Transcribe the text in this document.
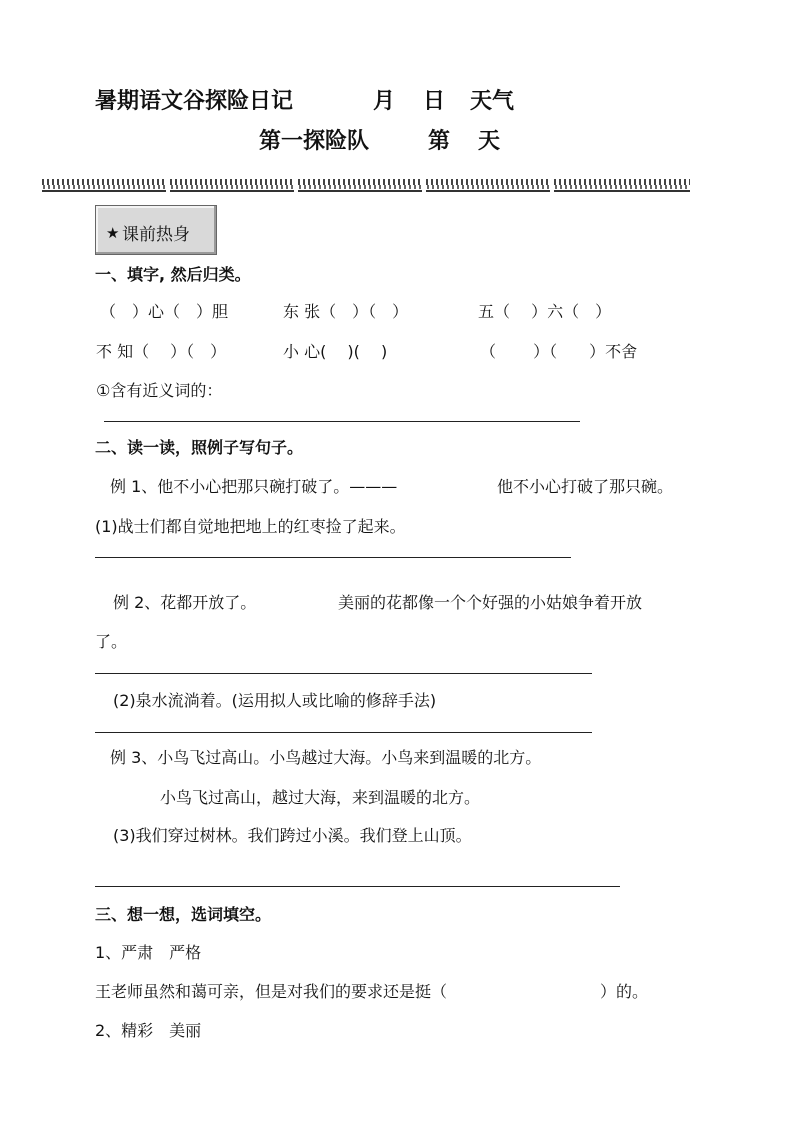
暑期语文谷探险日记	月 日 天气
第一探险队	第 天
★ 课前热身
一、填字, 然后归类。
（　）心（　）胆	东 张（　）（　）	五（　 ）六（　）
不 知（　 ）（　）	小 心(　 )(　 )	（　　 ）（　　）不舍
①含有近义词的：
二、读一读，照例子写句子。
例 1、他不小心把那只碗打破了。———	他不小心打破了那只碗。
(1)战士们都自觉地把地上的红枣捡了起来。
例 2、花都开放了。	美丽的花都像一个个好强的小姑娘争着开放
了。
(2)泉水流淌着。(运用拟人或比喻的修辞手法)
例 3、小鸟飞过高山。小鸟越过大海。小鸟来到温暖的北方。
小鸟飞过高山，越过大海，来到温暖的北方。
(3)我们穿过树林。我们跨过小溪。我们登上山顶。
三、想一想，选词填空。
1、严肃　严格
王老师虽然和蔼可亲，但是对我们的要求还是挺（	）的。
2、精彩　美丽
